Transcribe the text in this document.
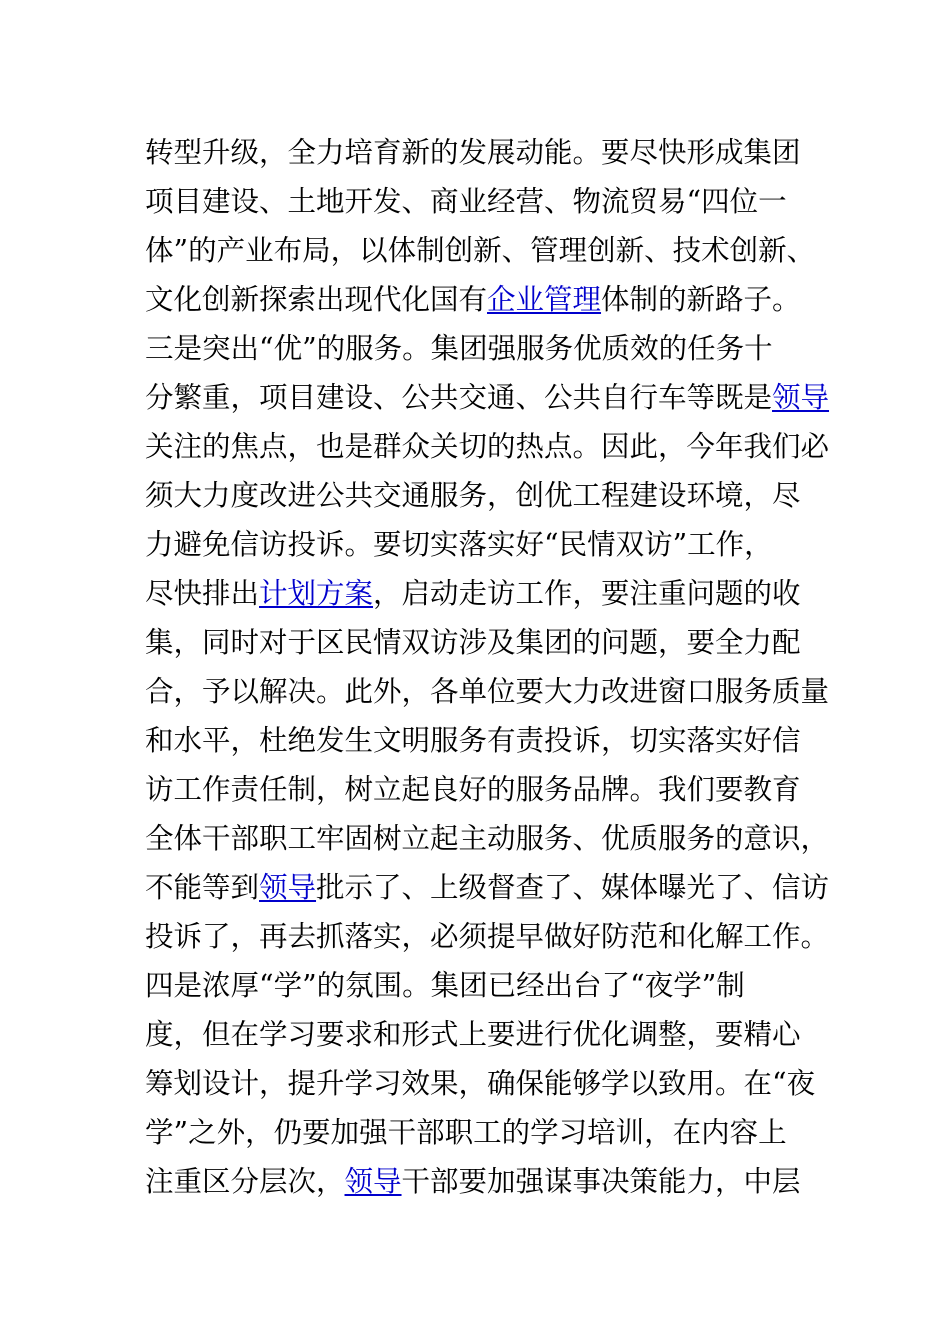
转型升级，全力培育新的发展动能。要尽快形成集团
项目建设、土地开发、商业经营、物流贸易“四位一
体”的产业布局，以体制创新、管理创新、技术创新、
文化创新探索出现代化国有企业管理体制的新路子。
三是突出“优”的服务。集团强服务优质效的任务十
分繁重，项目建设、公共交通、公共自行车等既是领导
关注的焦点，也是群众关切的热点。因此，今年我们必
须大力度改进公共交通服务，创优工程建设环境，尽
力避免信访投诉。要切实落实好“民情双访”工作，
尽快排出计划方案，启动走访工作，要注重问题的收
集，同时对于区民情双访涉及集团的问题，要全力配
合，予以解决。此外，各单位要大力改进窗口服务质量
和水平，杜绝发生文明服务有责投诉，切实落实好信
访工作责任制，树立起良好的服务品牌。我们要教育
全体干部职工牢固树立起主动服务、优质服务的意识，
不能等到领导批示了、上级督查了、媒体曝光了、信访
投诉了，再去抓落实，必须提早做好防范和化解工作。
四是浓厚“学”的氛围。集团已经出台了“夜学”制
度，但在学习要求和形式上要进行优化调整，要精心
筹划设计，提升学习效果，确保能够学以致用。在“夜
学”之外，仍要加强干部职工的学习培训，在内容上
注重区分层次，领导干部要加强谋事决策能力，中层
